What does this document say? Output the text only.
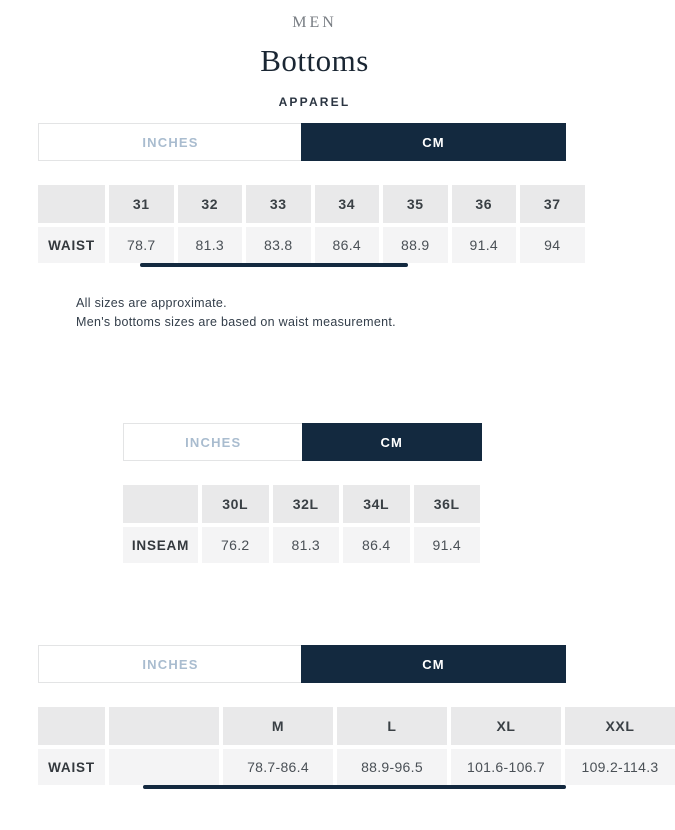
MEN
Bottoms
APPAREL
INCHES	CM
31	32	33	34	35	36	37
WAIST	78.7	81.3	83.8	86.4	88.9	91.4	94

All sizes are approximate.

Men's bottoms sizes are based on waist measurement.

INCHES	CM
30L	32L	34L	36L
INSEAM	76.2	81.3	86.4	91.4
INCHES	CM
M	L	XL	XXL
WAIST	78.7-86.4	88.9-96.5	101.6-106.7	109.2-114.3
